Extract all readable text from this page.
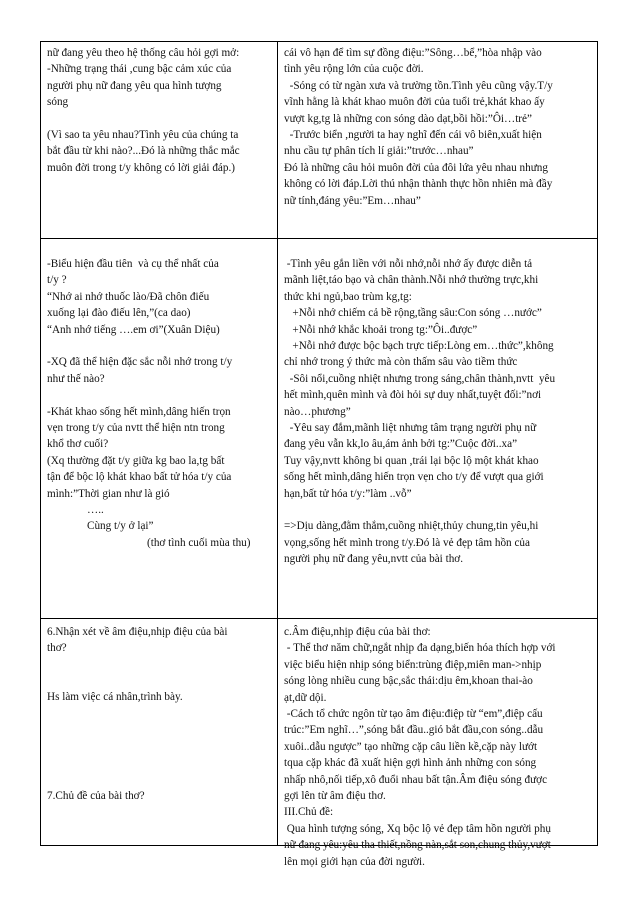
nữ đang yêu theo hệ thống câu hỏi gợi mở:

-Những trạng thái ,cung bậc cảm xúc của

người phụ nữ đang yêu qua hình tượng

sóng

(Vì sao ta yêu nhau?Tình yêu của chúng ta

bắt đầu từ khi nào?...Đó là những thắc mắc

muôn đời trong t/y không có lời giải đáp.)

cái vô hạn để tìm sự đồng điệu:”Sông…bể,”hòa nhập vào

tình yêu rộng lớn của cuộc đời.

-Sóng có từ ngàn xưa và trường tồn.Tình yêu cũng vậy.T/y

vĩnh hằng là khát khao muôn đời của tuổi trẻ,khát khao ấy

vượt kg,tg là những con sóng dào dạt,bồi hồi:”Ôi…trẻ”

-Trước biển ,người ta hay nghĩ đến cái vô biên,xuất hiện

nhu cầu tự phân tích lí giải:”trước…nhau”

Đó là những câu hỏi muôn đời của đôi lứa yêu nhau nhưng

không có lời đáp.Lời thú nhận thành thực hồn nhiên mà đầy

nữ tính,đáng yêu:”Em…nhau”

-Biểu hiện đầu tiên  và cụ thể nhất của

t/y ?

“Nhớ ai nhớ thuốc lào/Đã chôn điếu

xuống lại đào điếu lên,”(ca dao)

“Anh nhớ tiếng ….em ơi”(Xuân Diệu)

-XQ đã thể hiện đặc sắc nỗi nhớ trong t/y

như thế nào?

-Khát khao sống hết mình,dâng hiến trọn

vẹn trong t/y của nvtt thể hiện ntn trong

khổ thơ cuối?

(Xq thường đặt t/y giữa kg bao la,tg bất

tận để bộc lộ khát khao bất tử hóa t/y của

mình:”Thời gian như là gió

…..

Cùng t/y ở lại”

(thơ tình cuối mùa thu)

-Tình yêu gắn liền với nỗi nhớ,nỗi nhớ ấy được diễn tả

mãnh liệt,táo bạo và chân thành.Nỗi nhớ thường trực,khi

thức khi ngủ,bao trùm kg,tg:

+Nỗi nhớ chiếm cả bề rộng,tầng sâu:Con sóng …nước”

+Nỗi nhớ khắc khoải trong tg:”Ôi..được”

+Nỗi nhớ được bộc bạch trực tiếp:Lòng em…thức”,không

chỉ nhớ trong ý thức mà còn thấm sâu vào tiềm thức

-Sôi nổi,cuồng nhiệt nhưng trong sáng,chân thành,nvtt  yêu

hết mình,quên mình và đòi hỏi sự duy nhất,tuyệt đối:”nơi

nào…phương”

-Yêu say đắm,mãnh liệt nhưng tâm trạng người phụ nữ

đang yêu vẫn kk,lo âu,ám ảnh bởi tg:”Cuộc đời..xa”

Tuy vậy,nvtt không bi quan ,trái lại bộc lộ một khát khao

sống hết mình,dâng hiến trọn vẹn cho t/y để vượt qua giới

hạn,bất tử hóa t/y:”làm ..vỗ”

=>Dịu dàng,đằm thắm,cuồng nhiệt,thủy chung,tin yêu,hi

vọng,sống hết mình trong t/y.Đó là vẻ đẹp tâm hồn của

người phụ nữ đang yêu,nvtt của bài thơ.

6.Nhận xét về âm điệu,nhịp điệu của bài

thơ?

Hs làm việc cá nhân,trình bày.

7.Chủ đề của bài thơ?

c.Âm điệu,nhịp điệu của bài thơ:

- Thể thơ năm chữ,ngắt nhịp đa dạng,biến hóa thích hợp với

việc biểu hiện nhịp sóng biển:trùng điệp,miên man->nhịp

sóng lòng nhiều cung bậc,sắc thái:dịu êm,khoan thai-ào

ạt,dữ dội.

-Cách tổ chức ngôn từ tạo âm điệu:điệp từ “em”,điệp cấu

trúc:”Em nghĩ…”,sóng bắt đầu..gió bắt đầu,con sóng..dẫu

xuôi..dẫu ngược” tạo những cặp câu liền kề,cặp này lướt

tqua cặp khác đã xuất hiện gợi hình ảnh những con sóng

nhấp nhô,nối tiếp,xô đuổi nhau bất tận.Âm điệu sóng được

gợi lên từ âm điệu thơ.

III.Chủ đề:

Qua hình tượng sóng, Xq bộc lộ vẻ đẹp tâm hồn người phụ

nữ đang yêu:yêu tha thiết,nồng nàn,sắt son,chung thủy,vượt

lên mọi giới hạn của đời người.
